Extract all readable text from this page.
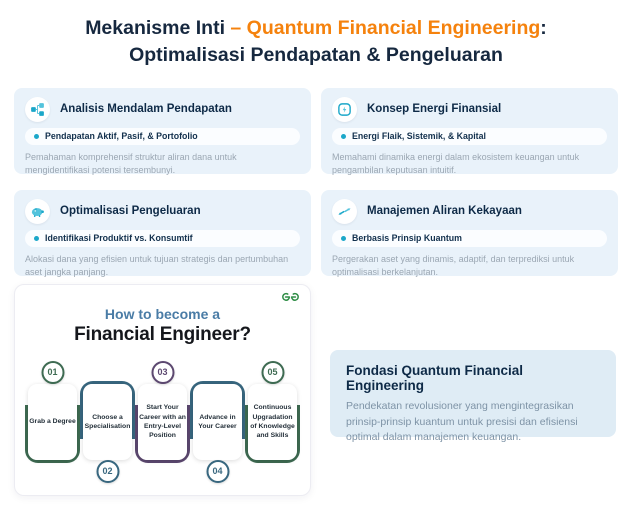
Mekanisme Inti – Quantum Financial Engineering:
Optimalisasi Pendapatan & Pengeluaran
Analisis Mendalam Pendapatan
Pendapatan Aktif, Pasif, & Portofolio
Pemahaman komprehensif struktur aliran dana untuk mengidentifikasi potensi tersembunyi.
Konsep Energi Finansial
Energi Flaik, Sistemik, & Kapital
Memahami dinamika energi dalam ekosistem keuangan untuk pengambilan keputusan intuitif.
Optimalisasi Pengeluaran
Identifikasi Produktif vs. Konsumtif
Alokasi dana yang efisien untuk tujuan strategis dan pertumbuhan aset jangka panjang.
Manajemen Aliran Kekayaan
Berbasis Prinsip Kuantum
Pergerakan aset yang dinamis, adaptif, dan terprediksi untuk optimalisasi berkelanjutan.
How to become a
Financial Engineer?
01
Grab a Degree
02
Choose a Specialisation
03
Start Your Career with an Entry-Level Position
04
Advance in Your Career
05
Continuous Upgradation of Knowledge and Skills
Fondasi Quantum Financial Engineering
Pendekatan revolusioner yang mengintegrasikan prinsip-prinsip kuantum untuk presisi dan efisiensi optimal dalam manajemen keuangan.
